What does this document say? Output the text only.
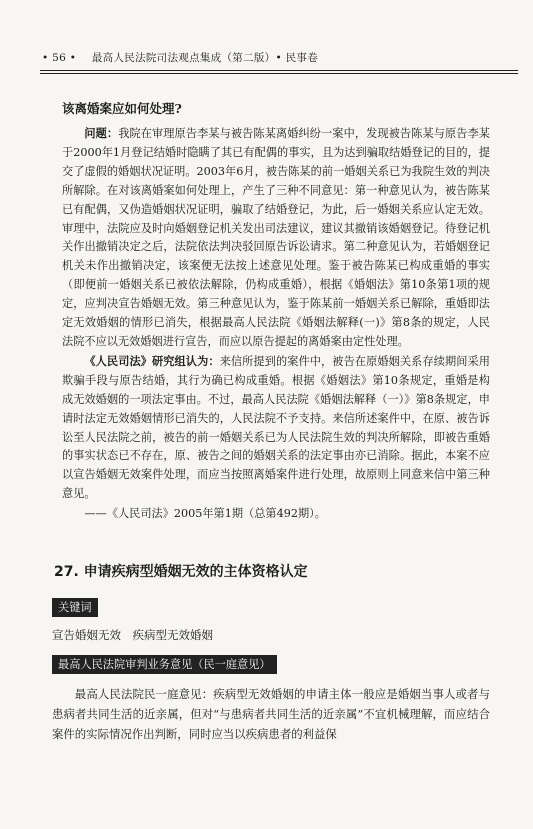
• 56 • 最高人民法院司法观点集成（第二版）• 民事卷
该离婚案应如何处理?

问题：我院在审理原告李某与被告陈某离婚纠纷一案中，发现被告陈某与原告李某于2000年1月登记结婚时隐瞒了其已有配偶的事实，且为达到骗取结婚登记的目的，提交了虚假的婚姻状况证明。2003年6月，被告陈某的前一婚姻关系已为我院生效的判决所解除。在对该离婚案如何处理上，产生了三种不同意见：第一种意见认为，被告陈某已有配偶，又伪造婚姻状况证明，骗取了结婚登记，为此，后一婚姻关系应认定无效。审理中，法院应及时向婚姻登记机关发出司法建议，建议其撤销该婚姻登记。待登记机关作出撤销决定之后，法院依法判决驳回原告诉讼请求。第二种意见认为，若婚姻登记机关未作出撤销决定，该案便无法按上述意见处理。鉴于被告陈某已构成重婚的事实（即便前一婚姻关系已被依法解除，仍构成重婚），根据《婚姻法》第10条第1项的规定，应判决宣告婚姻无效。第三种意见认为，鉴于陈某前一婚姻关系已解除，重婚即法定无效婚姻的情形已消失，根据最高人民法院《婚姻法解释(一)》第8条的规定，人民法院不应以无效婚姻进行宣告，而应以原告提起的离婚案由定性处理。

《人民司法》研究组认为：来信所提到的案件中，被告在原婚姻关系存续期间采用欺骗手段与原告结婚，其行为确已构成重婚。根据《婚姻法》第10条规定，重婚是构成无效婚姻的一项法定事由。不过，最高人民法院《婚姻法解释（一）》第8条规定，申请时法定无效婚姻情形已消失的，人民法院不予支持。来信所述案件中，在原、被告诉讼至人民法院之前，被告的前一婚姻关系已为人民法院生效的判决所解除，即被告重婚的事实状态已不存在，原、被告之间的婚姻关系的法定事由亦已消除。据此，本案不应以宣告婚姻无效案件处理，而应当按照离婚案件进行处理，故原则上同意来信中第三种意见。

——《人民司法》2005年第1期（总第492期）。

27. 申请疾病型婚姻无效的主体资格认定
关键词
宣告婚姻无效　疾病型无效婚姻
最高人民法院审判业务意见（民一庭意见）

最高人民法院民一庭意见：疾病型无效婚姻的申请主体一般应是婚姻当事人或者与患病者共同生活的近亲属，但对“与患病者共同生活的近亲属”不宜机械理解，而应结合案件的实际情况作出判断，同时应当以疾病患者的利益保
